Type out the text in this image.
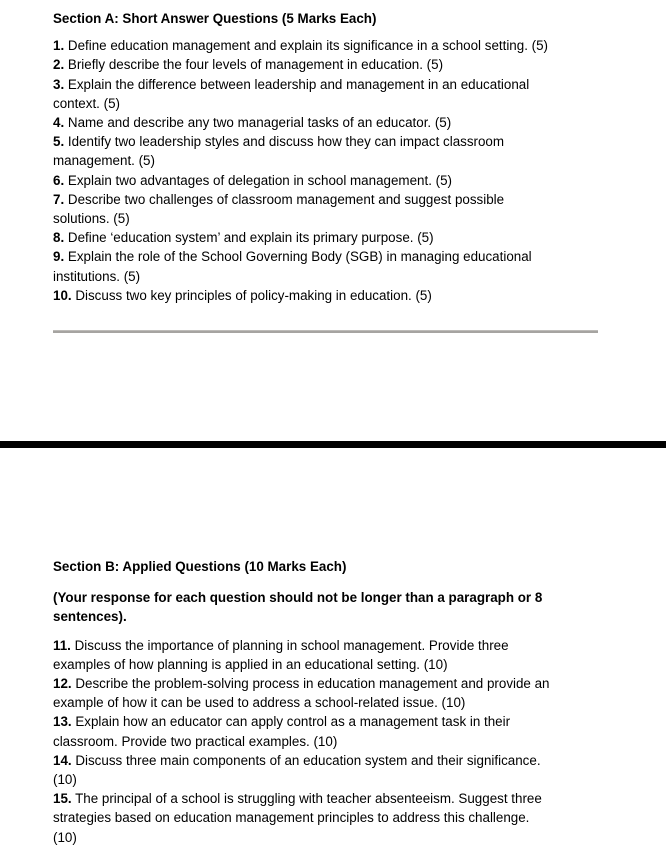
Section A: Short Answer Questions (5 Marks Each)

1. Define education management and explain its significance in a school setting. (5)

2. Briefly describe the four levels of management in education. (5)

3. Explain the difference between leadership and management in an educational
context. (5)

4. Name and describe any two managerial tasks of an educator. (5)

5. Identify two leadership styles and discuss how they can impact classroom
management. (5)

6. Explain two advantages of delegation in school management. (5)

7. Describe two challenges of classroom management and suggest possible
solutions. (5)

8. Define ‘education system’ and explain its primary purpose. (5)

9. Explain the role of the School Governing Body (SGB) in managing educational
institutions. (5)

10. Discuss two key principles of policy-making in education. (5)

Section B: Applied Questions (10 Marks Each)

(Your response for each question should not be longer than a paragraph or 8
sentences).

11. Discuss the importance of planning in school management. Provide three
examples of how planning is applied in an educational setting. (10)

12. Describe the problem-solving process in education management and provide an
example of how it can be used to address a school-related issue. (10)

13. Explain how an educator can apply control as a management task in their
classroom. Provide two practical examples. (10)

14. Discuss three main components of an education system and their significance.
(10)

15. The principal of a school is struggling with teacher absenteeism. Suggest three
strategies based on education management principles to address this challenge.
(10)
